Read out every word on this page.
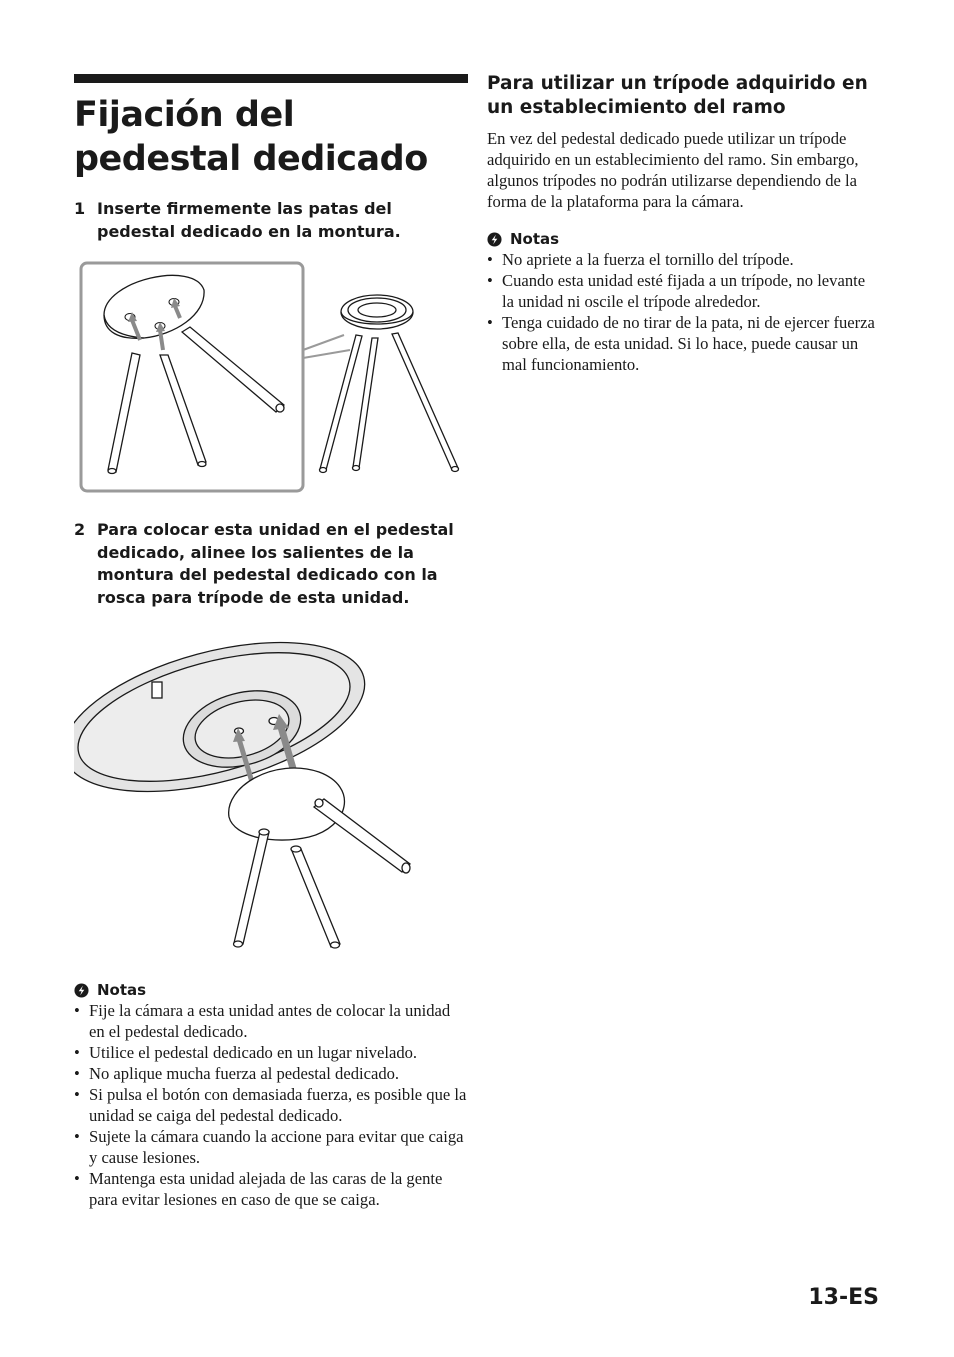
Fijación del pedestal dedicado
1 Inserte firmemente las patas del pedestal dedicado en la montura.
2 Para colocar esta unidad en el pedestal dedicado, alinee los salientes de la montura del pedestal dedicado con la rosca para trípode de esta unidad.
Notas
• Fije la cámara a esta unidad antes de colocar la unidad en el pedestal dedicado.
• Utilice el pedestal dedicado en un lugar nivelado.
• No aplique mucha fuerza al pedestal dedicado.
• Si pulsa el botón con demasiada fuerza, es posible que la unidad se caiga del pedestal dedicado.
• Sujete la cámara cuando la accione para evitar que caiga y cause lesiones.
• Mantenga esta unidad alejada de las caras de la gente para evitar lesiones en caso de que se caiga.
Para utilizar un trípode adquirido en un establecimiento del ramo

En vez del pedestal dedicado puede utilizar un trípode adquirido en un establecimiento del ramo. Sin embargo, algunos trípodes no podrán utilizarse dependiendo de la forma de la plataforma para la cámara.

Notas
• No apriete a la fuerza el tornillo del trípode.
• Cuando esta unidad esté fijada a un trípode, no levante la unidad ni oscile el trípode alrededor.
• Tenga cuidado de no tirar de la pata, ni de ejercer fuerza sobre ella, de esta unidad. Si lo hace, puede causar un mal funcionamiento.
13-ES
